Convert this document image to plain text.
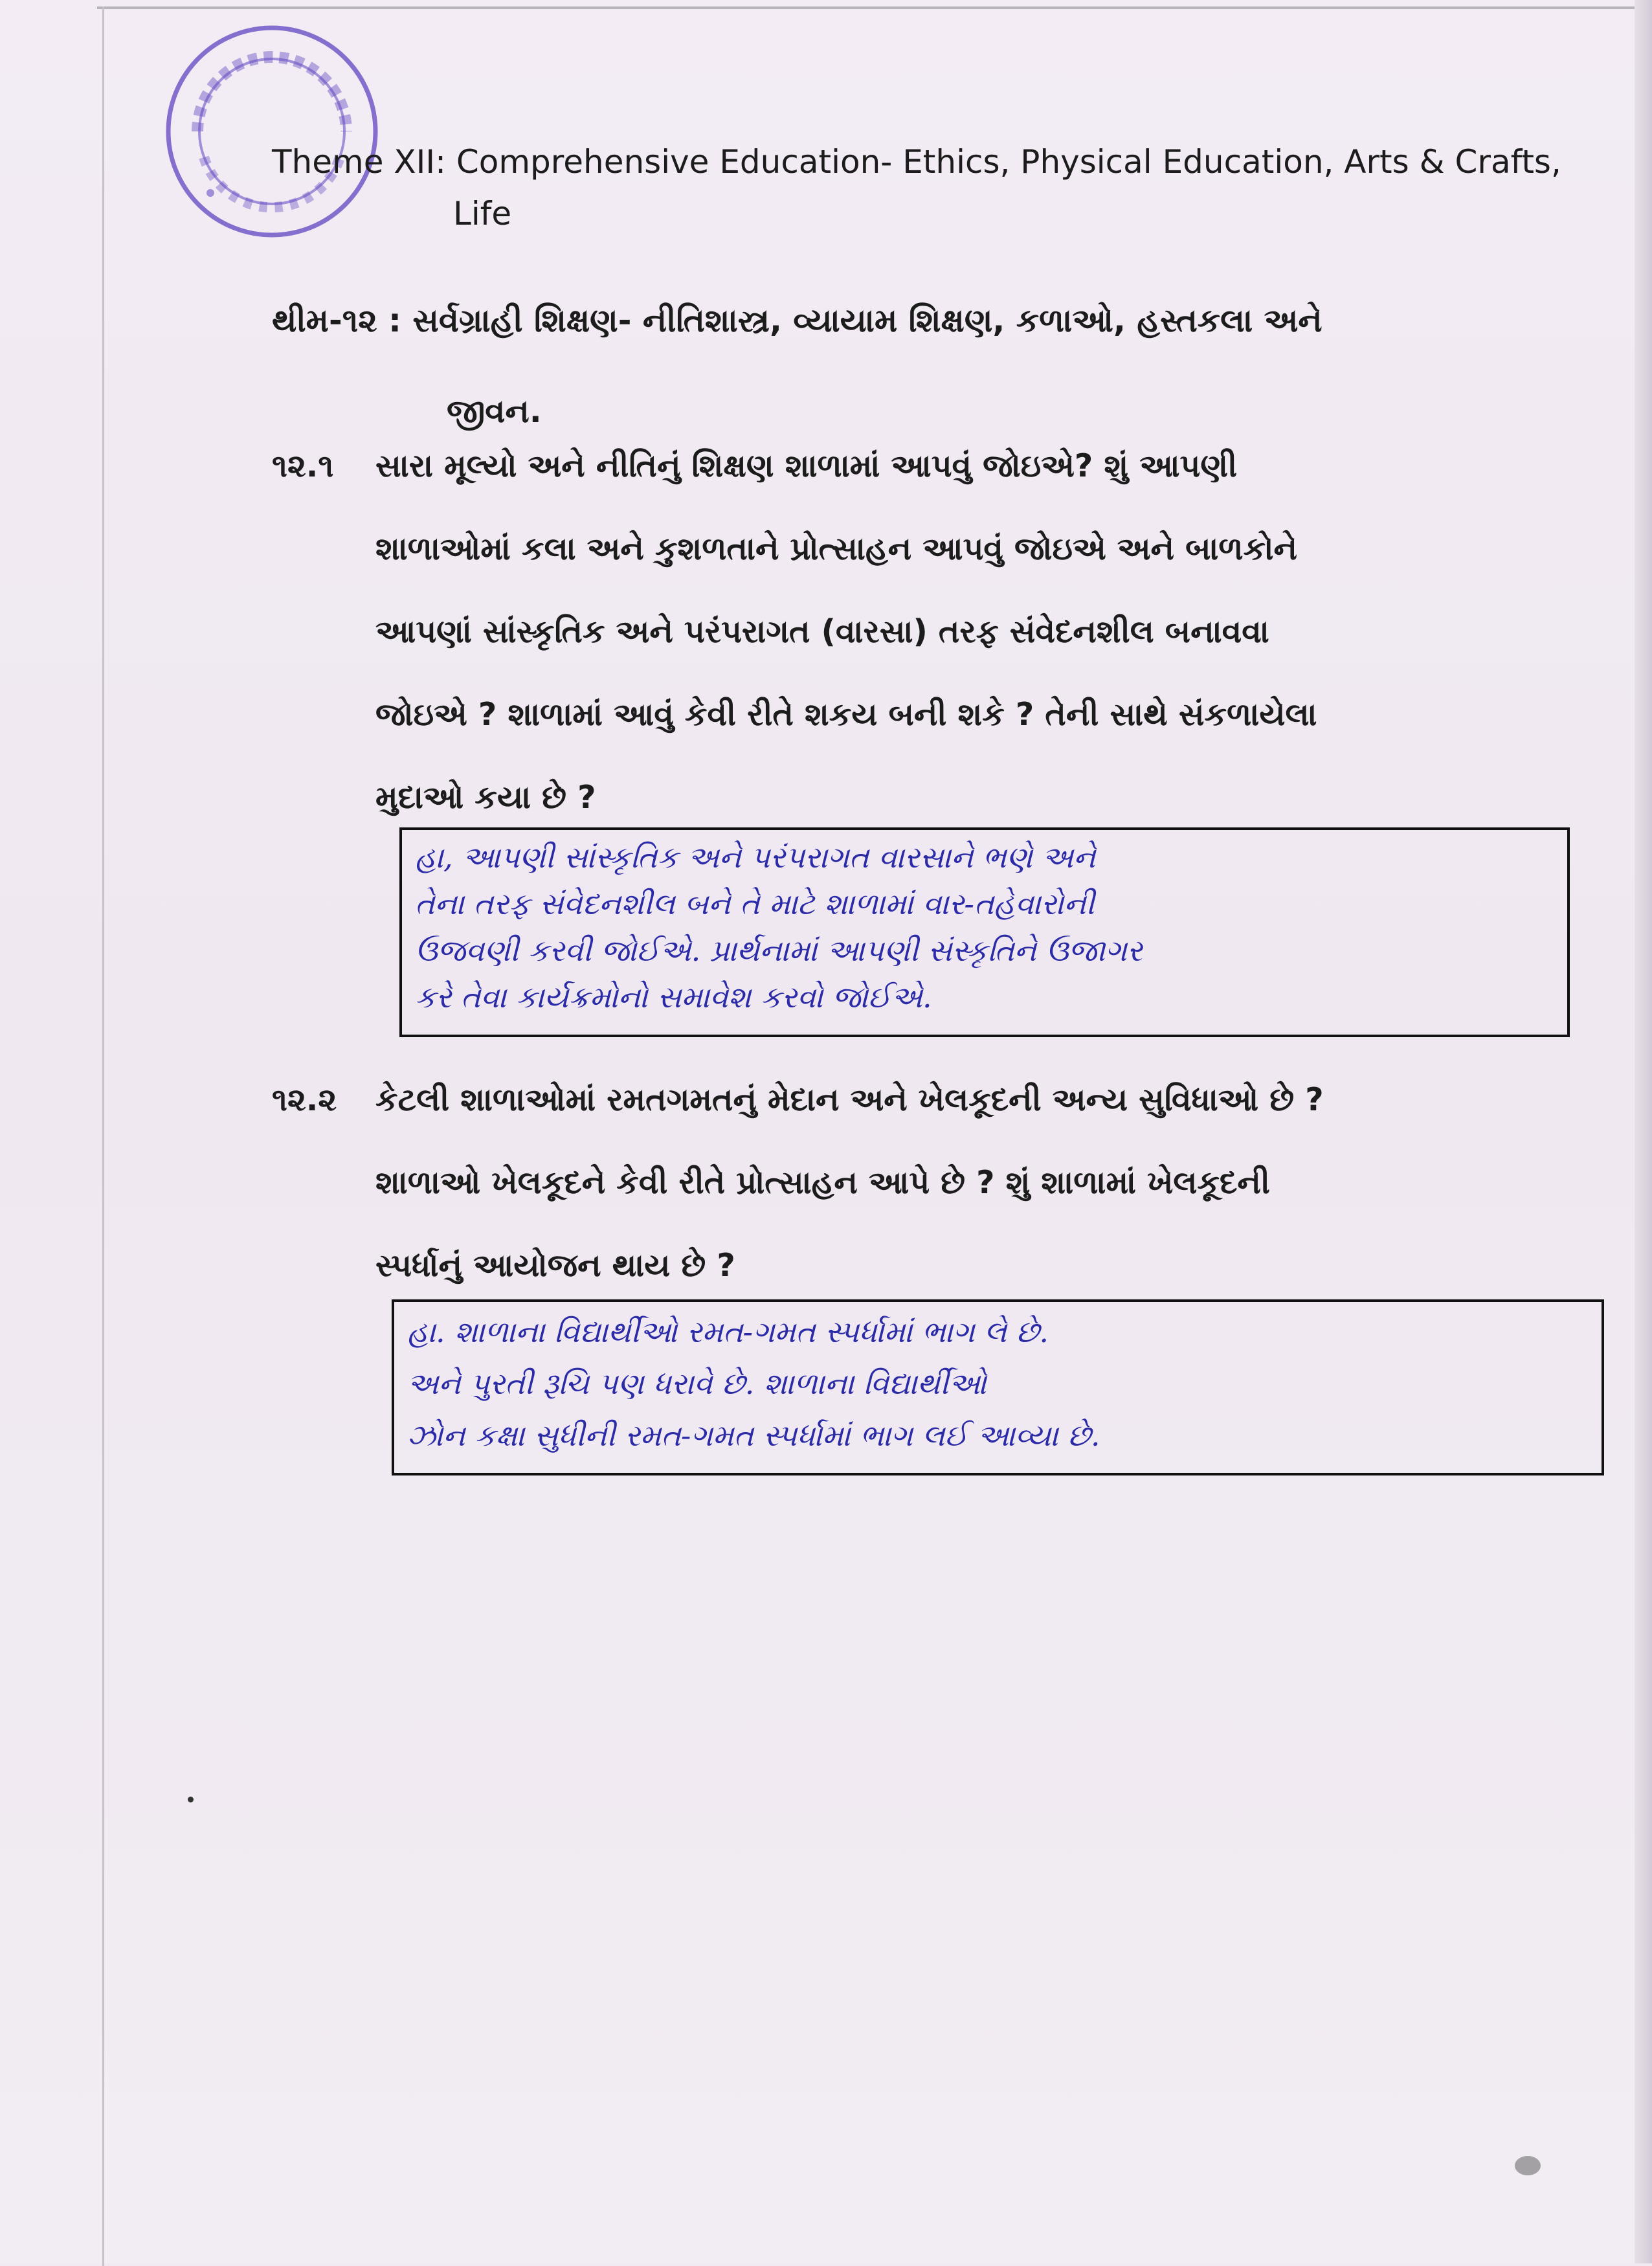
Theme XII: Comprehensive Education- Ethics, Physical Education, Arts & Crafts,
Life
થીમ-૧૨ : સર્વગ્રાહી શિક્ષણ- નીતિશાસ્ત્ર, વ્યાયામ શિક્ષણ, કળાઓ, હસ્તકલા અને
જીવન.
૧૨.૧ સારા મૂલ્યો અને નીતિનું શિક્ષણ શાળામાં આપવું જોઇએ? શું આપણી
શાળાઓમાં કલા અને કુશળતાને પ્રોત્સાહન આપવું જોઇએ અને બાળકોને
આપણાં સાંસ્કૃતિક અને પરંપરાગત (વારસા) તરફ સંવેદનશીલ બનાવવા
જોઇએ ? શાળામાં આવું કેવી રીતે શકય બની શકે ? તેની સાથે સંકળાયેલા
મુદાઓ કયા છે ?
હા, આપણી સાંસ્કૃતિક અને પરંપરાગત વારસાને ભણે અને
તેના તરફ સંવેદનશીલ બને તે માટે શાળામાં વાર-તહેવારોની
ઉજવણી કરવી જોઈએ. પ્રાર્થનામાં આપણી સંસ્કૃતિને ઉજાગર
કરે તેવા કાર્યક્રમોનો સમાવેશ કરવો જોઈએ.
૧૨.૨ કેટલી શાળાઓમાં રમતગમતનું મેદાન અને ખેલકૂદની અન્ય સુવિધાઓ છે ?
શાળાઓ ખેલકૂદને કેવી રીતે પ્રોત્સાહન આપે છે ? શું શાળામાં ખેલકૂદની
સ્પર્ધાનું આયોજન થાય છે ?
હા. શાળાના વિદ્યાર્થીઓ રમત-ગમત સ્પર્ધામાં ભાગ લે છે.
અને પુરતી રૂચિ પણ ધરાવે છે. શાળાના વિદ્યાર્થીઓ
ઝોન કક્ષા સુધીની રમત-ગમત સ્પર્ધામાં ભાગ લઈ આવ્યા છે.
